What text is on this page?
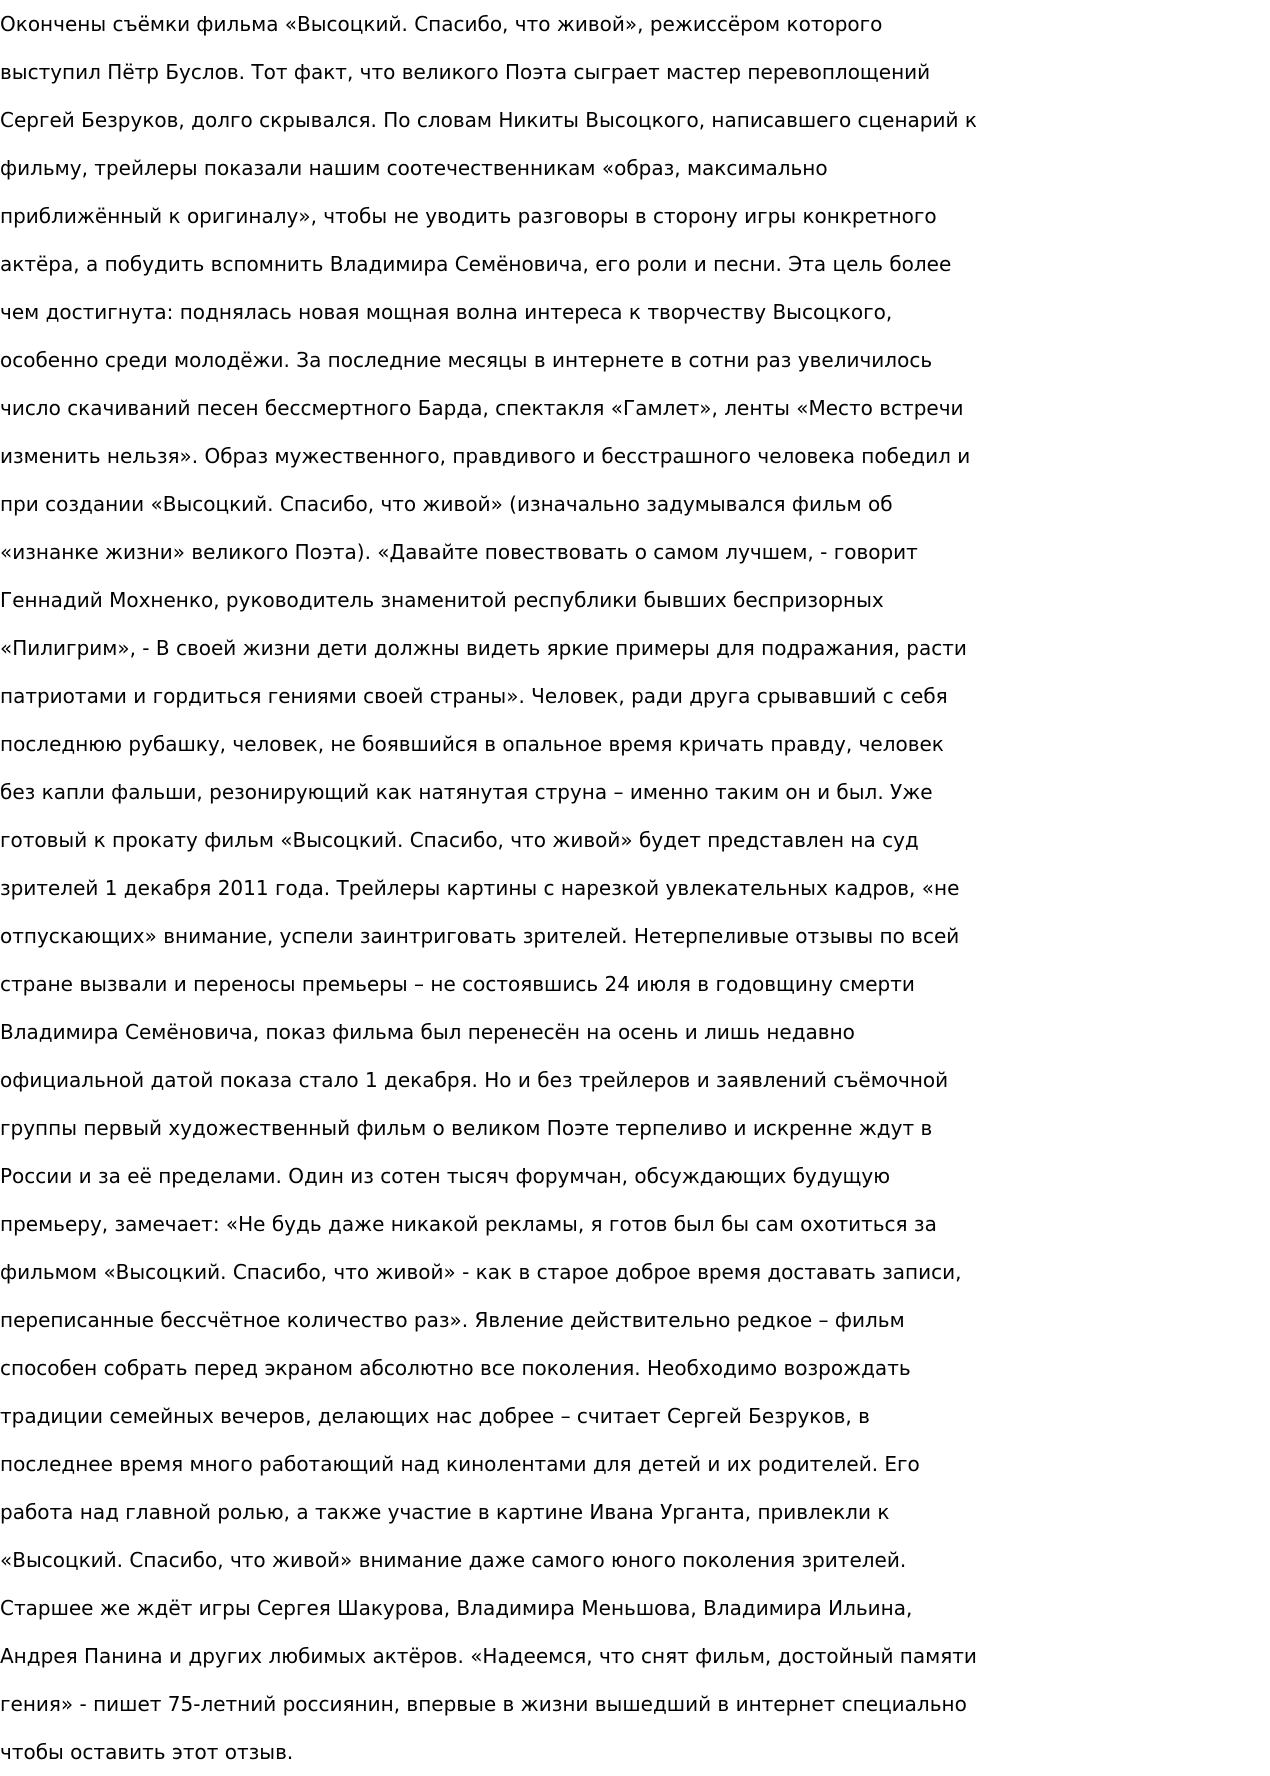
Окончены съёмки фильма «Высоцкий. Спасибо, что живой», режиссёром которого
выступил Пётр Буслов. Тот факт, что великого Поэта сыграет мастер перевоплощений
Сергей Безруков, долго скрывался. По словам Никиты Высоцкого, написавшего сценарий к
фильму, трейлеры показали нашим соотечественникам «образ, максимально
приближённый к оригиналу», чтобы не уводить разговоры в сторону игры конкретного
актёра, а побудить вспомнить Владимира Семёновича, его роли и песни. Эта цель более
чем достигнута: поднялась новая мощная волна интереса к творчеству Высоцкого,
особенно среди молодёжи. За последние месяцы в интернете в сотни раз увеличилось
число скачиваний песен бессмертного Барда, спектакля «Гамлет», ленты «Место встречи
изменить нельзя». Образ мужественного, правдивого и бесстрашного человека победил и
при создании «Высоцкий. Спасибо, что живой» (изначально задумывался фильм об
«изнанке жизни» великого Поэта). «Давайте повествовать о самом лучшем, - говорит
Геннадий Мохненко, руководитель знаменитой республики бывших беспризорных
«Пилигрим», - В своей жизни дети должны видеть яркие примеры для подражания, расти
патриотами и гордиться гениями своей страны». Человек, ради друга срывавший с себя
последнюю рубашку, человек, не боявшийся в опальное время кричать правду, человек
без капли фальши, резонирующий как натянутая струна – именно таким он и был. Уже
готовый к прокату фильм «Высоцкий. Спасибо, что живой» будет представлен на суд
зрителей 1 декабря 2011 года. Трейлеры картины с нарезкой увлекательных кадров, «не
отпускающих» внимание, успели заинтриговать зрителей. Нетерпеливые отзывы по всей
стране вызвали и переносы премьеры – не состоявшись 24 июля в годовщину смерти
Владимира Семёновича, показ фильма был перенесён на осень и лишь недавно
официальной датой показа стало 1 декабря. Но и без трейлеров и заявлений съёмочной
группы первый художественный фильм о великом Поэте терпеливо и искренне ждут в
России и за её пределами. Один из сотен тысяч форумчан, обсуждающих будущую
премьеру, замечает: «Не будь даже никакой рекламы, я готов был бы сам охотиться за
фильмом «Высоцкий. Спасибо, что живой» - как в старое доброе время доставать записи,
переписанные бессчётное количество раз». Явление действительно редкое – фильм
способен собрать перед экраном абсолютно все поколения. Необходимо возрождать
традиции семейных вечеров, делающих нас добрее – считает Сергей Безруков, в
последнее время много работающий над кинолентами для детей и их родителей. Его
работа над главной ролью, а также участие в картине Ивана Урганта, привлекли к
«Высоцкий. Спасибо, что живой» внимание даже самого юного поколения зрителей.
Старшее же ждёт игры Сергея Шакурова, Владимира Меньшова, Владимира Ильина,
Андрея Панина и других любимых актёров. «Надеемся, что снят фильм, достойный памяти
гения» - пишет 75-летний россиянин, впервые в жизни вышедший в интернет специально
чтобы оставить этот отзыв.
